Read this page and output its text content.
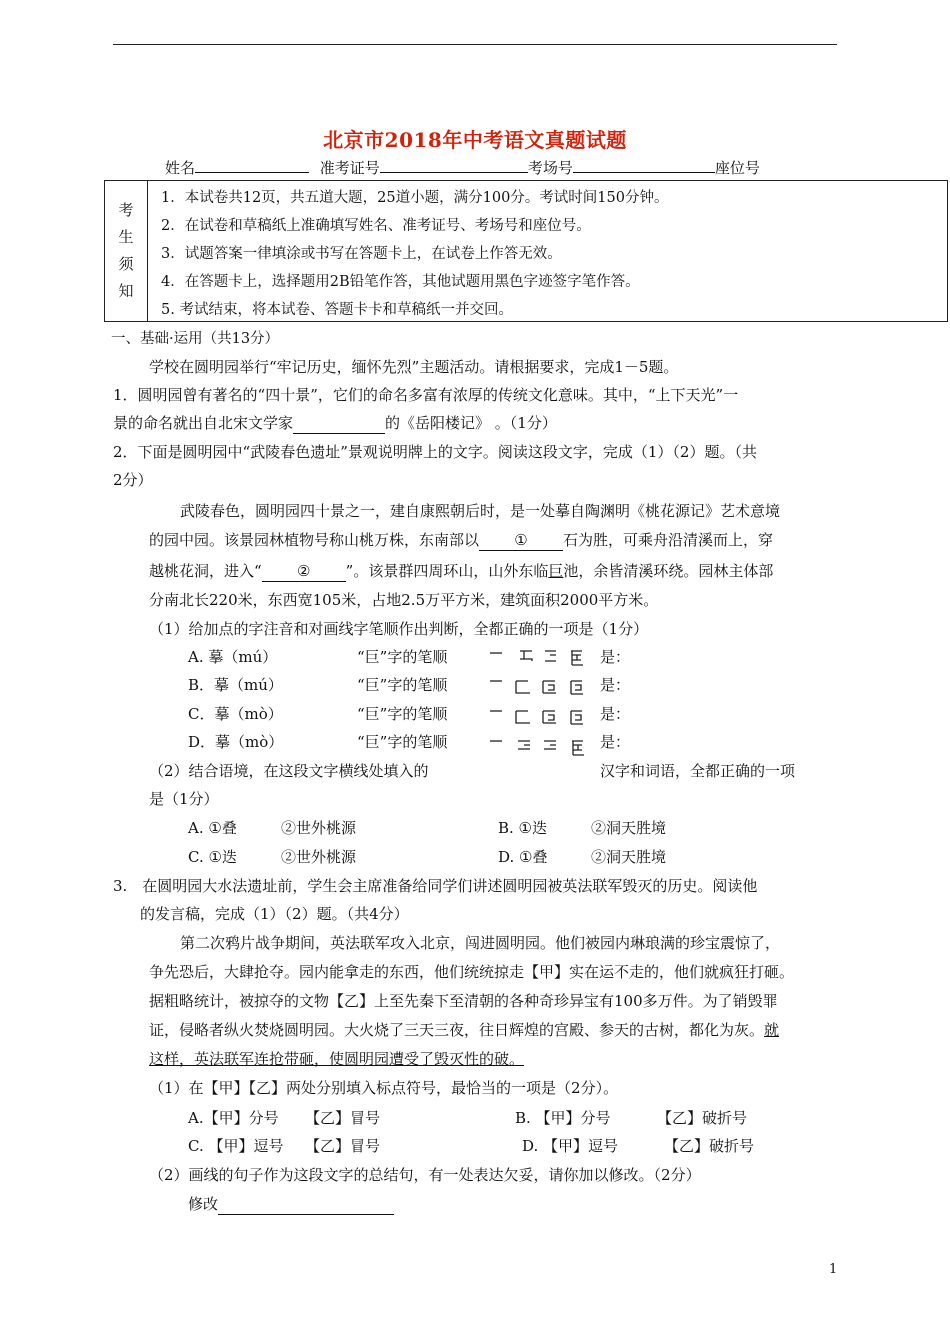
北京市2018年中考语文真题试题
姓名	准考证号	考场号	座位号
考
生
须
知
1．本试卷共12页，共五道大题，25道小题，满分100分。考试时间150分钟。
2．在试卷和草稿纸上准确填写姓名、准考证号、考场号和座位号。
3．试题答案一律填涂或书写在答题卡上，在试卷上作答无效。
4．在答题卡上，选择题用2B铅笔作答，其他试题用黑色字迹签字笔作答。
5. 考试结束，将本试卷、答题卡卡和草稿纸一并交回。
一、基础·运用（共13分）
学校在圆明园举行“牢记历史，缅怀先烈”主题活动。请根据要求，完成1－5题。
1．圆明园曾有著名的“四十景”，它们的命名多富有浓厚的传统文化意味。其中，“上下天光”一
景的命名就出自北宋文学家	的《岳阳楼记》 。（1分）
2．下面是圆明园中“武陵春色遗址”景观说明牌上的文字。阅读这段文字，完成（1）（2）题。（共
2分）
武陵春色，圆明园四十景之一，建自康熙朝后时，是一处摹自陶渊明《桃花源记》艺术意境
的园中园。该景园林植物号称山桃万株，东南部以 ① 石为胜，可乘舟沿清溪而上，穿
越桃花洞，进入“ ② ”。该景群四周环山，山外东临巨池，余皆清溪环绕。园林主体部
分南北长220米，东西宽105米，占地2.5万平方米，建筑面积2000平方米。
（1）给加点的字注音和对画线字笔顺作出判断，全都正确的一项是（1分）
A. 摹（mú）	“巨”字的笔顺	是：
B．摹（mú）	“巨”字的笔顺	是：
C．摹（mò）	“巨”字的笔顺	是：
D．摹（mò）	“巨”字的笔顺	是：
（2）结合语境，在这段文字横线处填入的	汉字和词语，全都正确的一项
是（1分）
A. ①叠	②世外桃源	B. ①迭	②洞天胜境
C. ①迭	②世外桃源	D. ①叠	②洞天胜境
3.　在圆明园大水法遗址前，学生会主席准备给同学们讲述圆明园被英法联军毁灭的历史。阅读他
的发言稿，完成（1）（2）题。（共4分）
第二次鸦片战争期间，英法联军攻入北京，闯进圆明园。他们被园内琳琅满的珍宝震惊了，
争先恐后，大肆抢夺。园内能拿走的东西，他们统统掠走【甲】实在运不走的，他们就疯狂打砸。
据粗略统计，被掠夺的文物【乙】上至先秦下至清朝的各种奇珍异宝有100多万件。为了销毁罪
证，侵略者纵火焚烧圆明园。大火烧了三天三夜，往日辉煌的宫殿、参天的古树，都化为灰。就
这样，英法联军连抢带砸，使圆明园遭受了毁灭性的破。
（1）在【甲】【乙】两处分别填入标点符号，最恰当的一项是（2分）。
A.【甲】分号 【乙】冒号	B. 【甲】分号	【乙】破折号
C. 【甲】逗号 【乙】冒号	D. 【甲】逗号	【乙】破折号
（2）画线的句子作为这段文字的总结句，有一处表达欠妥，请你加以修改。（2分）
修改
1
